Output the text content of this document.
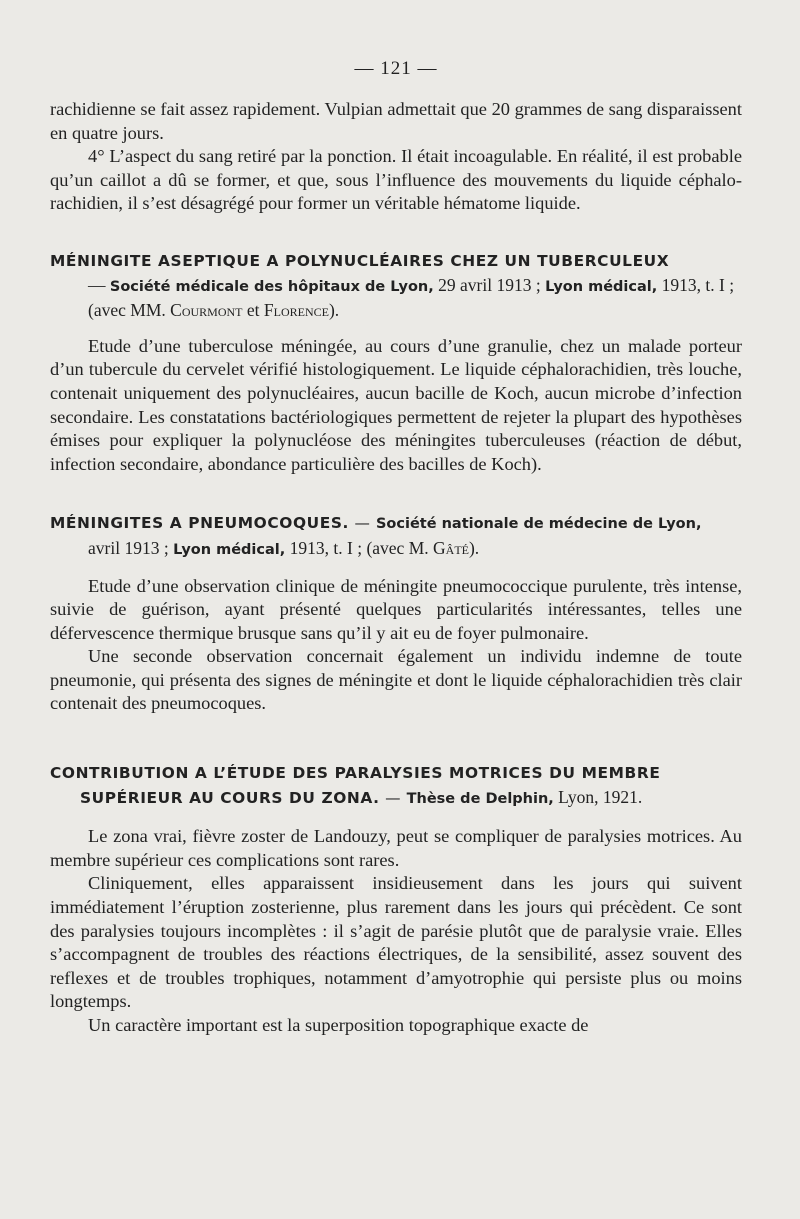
— 121 —

rachidienne se fait assez rapidement. Vulpian admettait que 20 grammes de sang disparaissent en quatre jours.

4° L’aspect du sang retiré par la ponction. Il était incoagulable. En réalité, il est probable qu’un caillot a dû se former, et que, sous l’influence des mouvements du liquide céphalo-rachidien, il s’est désagrégé pour former un véritable hématome liquide.

MÉNINGITE ASEPTIQUE A POLYNUCLÉAIRES CHEZ UN TUBERCULEUX
— Société médicale des hôpitaux de Lyon, 29 avril 1913 ; Lyon médical, 1913, t. I ; (avec MM. Courmont et Florence).

Etude d’une tuberculose méningée, au cours d’une granulie, chez un malade porteur d’un tubercule du cervelet vérifié histologiquement. Le liquide céphalorachidien, très louche, contenait uniquement des polynucléaires, aucun bacille de Koch, aucun microbe d’infection secondaire. Les constatations bactériologiques permettent de rejeter la plupart des hypothèses émises pour expliquer la polynucléose des méningites tuberculeuses (réaction de début, infection secondaire, abondance particulière des bacilles de Koch).

MÉNINGITES A PNEUMOCOQUES. — Société nationale de médecine de Lyon,
avril 1913 ; Lyon médical, 1913, t. I ; (avec M. Gâté).

Etude d’une observation clinique de méningite pneumococcique purulente, très intense, suivie de guérison, ayant présenté quelques particularités intéressantes, telles une défervescence thermique brusque sans qu’il y ait eu de foyer pulmonaire.

Une seconde observation concernait également un individu indemne de toute pneumonie, qui présenta des signes de méningite et dont le liquide céphalorachidien très clair contenait des pneumocoques.

CONTRIBUTION A L’ÉTUDE DES PARALYSIES MOTRICES DU MEMBRE
SUPÉRIEUR AU COURS DU ZONA. — Thèse de Delphin, Lyon, 1921.

Le zona vrai, fièvre zoster de Landouzy, peut se compliquer de paralysies motrices. Au membre supérieur ces complications sont rares.

Cliniquement, elles apparaissent insidieusement dans les jours qui suivent immédiatement l’éruption zosterienne, plus rarement dans les jours qui précèdent. Ce sont des paralysies toujours incomplètes : il s’agit de parésie plutôt que de paralysie vraie. Elles s’accompagnent de troubles des réactions électriques, de la sensibilité, assez souvent des reflexes et de troubles trophiques, notamment d’amyotrophie qui persiste plus ou moins longtemps.

Un caractère important est la superposition topographique exacte de
